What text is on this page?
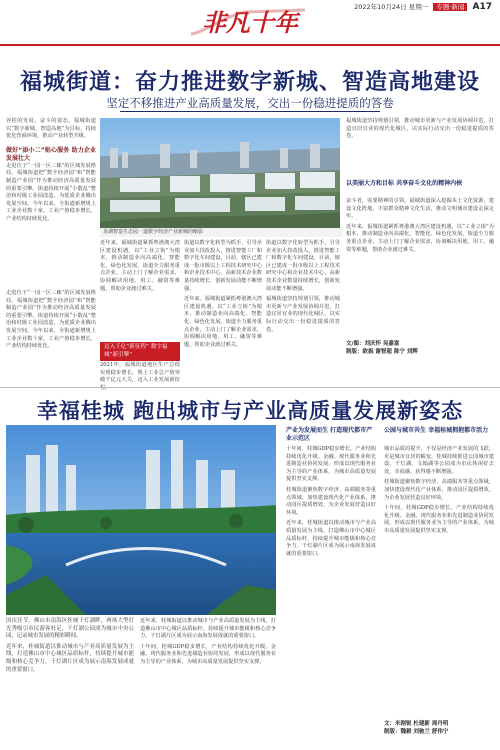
2022年10月24日 星期一 专题·新闻 A17
非凡十年
福城街道：奋力推进数字新城、智造高地建设
坚定不移推进产业高质量发展，交出一份稳进提质的答卷
容桂的发展，奋斗的姿态。福城街道以“数字新城、智造高地”为目标，持续优化营商环境，推动产业转型升级。
做好“添小二”贴心服务 助力企业发展壮大
走进位于“一园一区三廊”的区域发展格局，福城街道把“数字经济园”和“智能制造产业园”作为推动经济高质量发展的重要引擎。街道持续开展“小散乱”整治和村级工业园改造，为优质企业腾出发展空间。今年以来，全街道新增规上工业企业数十家，工业产值稳步增长，产业结构持续优化。
走进位于“一园一区三廊”的区域发展格局，福城街道把“数字经济园”和“智能制造产业园”作为推动经济高质量发展的重要引擎。街道持续开展“小散乱”整治和村级工业园改造，为优质企业腾出发展空间。今年以来，全街道新增规上工业企业数十家，工业产值稳步增长，产业结构持续优化。
龙湖智造生态园一道数字经济产业新城的缩影
近年来，福城街道紧抓粤港澳大湾区建设机遇，以“工业立街”为根本，推动制造业向高端化、智能化、绿色化发展。街道全力服务重点企业，主动上门了解企业需求，协调解决用地、用工、融资等难题，帮助企业渡过难关。
迈入千亿“新征程” 数字福城“新引擎”
2021年，福城街道地区生产总值实现稳步增长，规上工业总产值突破千亿元大关，迈入工业发展新征
街道以数字化转型为抓手，引导企业加大技改投入，推进智能工厂和数字化车间建设。目前，辖区已建成一批市级以上工程技术研究中心和企业技术中心，高新技术企业数量持续增长，创新发展动能不断增强。
近年来，福城街道紧抓粤港澳大湾区建设机遇，以“工业立街”为根本，推动制造业向高端化、智能化、绿色化发展。街道全力服务重点企业，主动上门了解企业需求，协调解决用地、用工、融资等难题，帮助企业渡过难关。
街道以数字化转型为抓手，引导企业加大技改投入，推进智能工厂和数字化车间建设。目前，辖区已建成一批市级以上工程技术研究中心和企业技术中心，高新技术企业数量持续增长，创新发展动能不断增强。
福城街道坚持规划引领，推动城市更新与产业发展协调并进，打造宜居宜业的现代化城区，以实际行动交出一份稳进提质的答卷。
福城街道坚持规划引领，推动城市更新与产业发展协调并进，打造宜居宜业的现代化城区，以实际行动交出一份稳进提质的答卷。
以美丽大方和目标 共享奋斗文化的精神内核
奋斗者，需要精神的引领。福城街道深入挖掘本土文化资源，建设文化阵地，丰富群众精神文化生活，推动文明城市建设走深走实。
近年来，福城街道紧抓粤港澳大湾区建设机遇，以“工业立街”为根本，推动制造业向高端化、智能化、绿色化发展。街道全力服务重点企业，主动上门了解企业需求，协调解决用地、用工、融资等难题，帮助企业渡过难关。
文/图：刘庆怀 吴嘉富
制版：欧振 谢智超 陈宁 刘辉
幸福桂城 跑出城市与产业高质量发展新姿态
国庆佳节，佛山市南海区桂城千灯湖畔，两场大型灯光秀吸引市民游客驻足，千灯湖公园成为城市中央公园，记录城市发展的精彩瞬间。
近年来，桂城街道以推动城市与产业高质量发展为主线，打造佛山市中心城区品质标杆，持续提升城市能级和核心竞争力，千灯湖片区成为展示南海发展成就的重要窗口。
近年来，桂城街道以推动城市与产业高质量发展为主线，打造佛山市中心城区品质标杆，持续提升城市能级和核心竞争力，千灯湖片区成为展示南海发展成就的重要窗口。
十年间，桂城GDP稳步增长，产业结构持续优化升级。金融、现代服务业和先进制造业协同发展，形成以现代服务业为主导的产业体系，为城市高质量发展提供坚实支撑。
产业为发展而生 打造现代都市产业示范区
十年间，桂城GDP稳步增长，产业结构持续优化升级。金融、现代服务业和先进制造业协同发展，形成以现代服务业为主导的产业体系，为城市高质量发展提供坚实支撑。
桂城街道聚焦数字经济、高端服务等重点领域，加快建设现代化产业体系，推动园区提质增效，为企业发展营造良好环境。
近年来，桂城街道以推动城市与产业高质量发展为主线，打造佛山市中心城区品质标杆，持续提升城市能级和核心竞争力，千灯湖片区成为展示南海发展成就的重要窗口。
公园与城市共生 幸福桂城拥抱都市活力
城市品质的提升，不仅是经济产业发展的飞跃，更是城市宜居的蜕变。桂城持续推进公园城市建设，千灯湖、文翰湖等公园成为市民休闲好去处，幸福感、获得感不断增强。
桂城街道聚焦数字经济、高端服务等重点领域，加快建设现代化产业体系，推动园区提质增效，为企业发展营造良好环境。
十年间，桂城GDP稳步增长，产业结构持续优化升级。金融、现代服务业和先进制造业协同发展，形成以现代服务业为主导的产业体系，为城市高质量发展提供坚实支撑。
文：米刚锐 杜建新 周丹明
制版：魏毅 刘驰兰 舒伟宁
